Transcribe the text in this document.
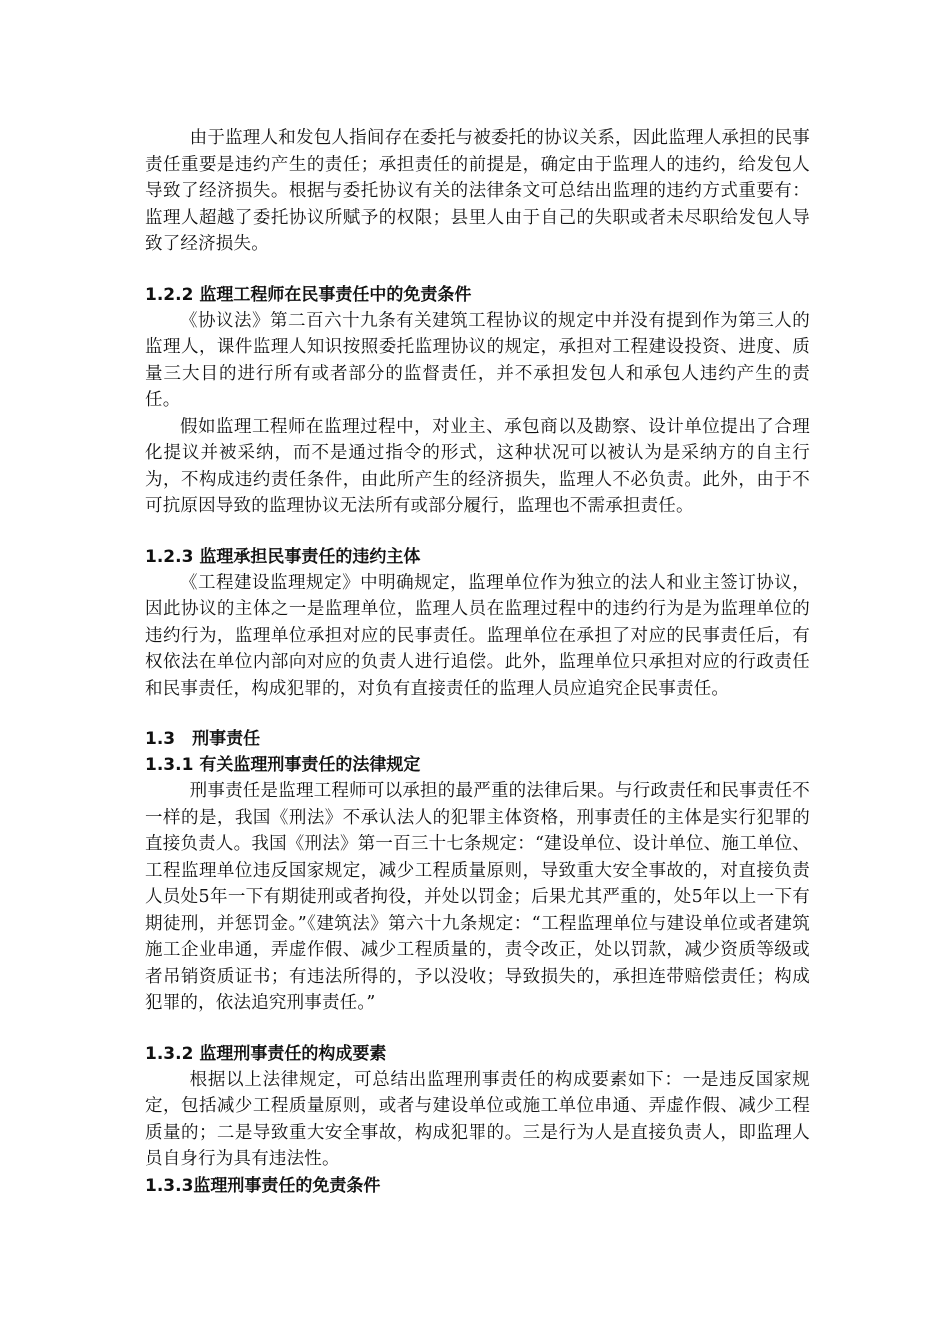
由于监理人和发包人指间存在委托与被委托的协议关系，因此监理人承担的民事责任重要是违约产生的责任；承担责任的前提是，确定由于监理人的违约，给发包人导致了经济损失。根据与委托协议有关的法律条文可总结出监理的违约方式重要有：监理人超越了委托协议所赋予的权限；县里人由于自己的失职或者未尽职给发包人导致了经济损失。

1.2.2 监理工程师在民事责任中的免责条件

《协议法》第二百六十九条有关建筑工程协议的规定中并没有提到作为第三人的监理人，课件监理人知识按照委托监理协议的规定，承担对工程建设投资、进度、质量三大目的进行所有或者部分的监督责任，并不承担发包人和承包人违约产生的责任。

假如监理工程师在监理过程中，对业主、承包商以及勘察、设计单位提出了合理化提议并被采纳，而不是通过指令的形式，这种状况可以被认为是采纳方的自主行为，不构成违约责任条件，由此所产生的经济损失，监理人不必负责。此外，由于不可抗原因导致的监理协议无法所有或部分履行，监理也不需承担责任。

1.2.3 监理承担民事责任的违约主体

《工程建设监理规定》中明确规定，监理单位作为独立的法人和业主签订协议，因此协议的主体之一是监理单位，监理人员在监理过程中的违约行为是为监理单位的违约行为，监理单位承担对应的民事责任。监理单位在承担了对应的民事责任后，有权依法在单位内部向对应的负责人进行追偿。此外，监理单位只承担对应的行政责任和民事责任，构成犯罪的，对负有直接责任的监理人员应追究企民事责任。

1.3　刑事责任

1.3.1 有关监理刑事责任的法律规定

刑事责任是监理工程师可以承担的最严重的法律后果。与行政责任和民事责任不一样的是，我国《刑法》不承认法人的犯罪主体资格，刑事责任的主体是实行犯罪的直接负责人。我国《刑法》第一百三十七条规定：“建设单位、设计单位、施工单位、工程监理单位违反国家规定，减少工程质量原则，导致重大安全事故的，对直接负责人员处5年一下有期徒刑或者拘役，并处以罚金；后果尤其严重的，处5年以上一下有期徒刑，并惩罚金。”《建筑法》第六十九条规定：“工程监理单位与建设单位或者建筑施工企业串通，弄虚作假、减少工程质量的，责令改正，处以罚款，减少资质等级或者吊销资质证书；有违法所得的，予以没收；导致损失的，承担连带赔偿责任；构成犯罪的，依法追究刑事责任。”

1.3.2 监理刑事责任的构成要素

根据以上法律规定，可总结出监理刑事责任的构成要素如下：一是违反国家规定，包括减少工程质量原则，或者与建设单位或施工单位串通、弄虚作假、减少工程质量的；二是导致重大安全事故，构成犯罪的。三是行为人是直接负责人，即监理人员自身行为具有违法性。

1.3.3监理刑事责任的免责条件
